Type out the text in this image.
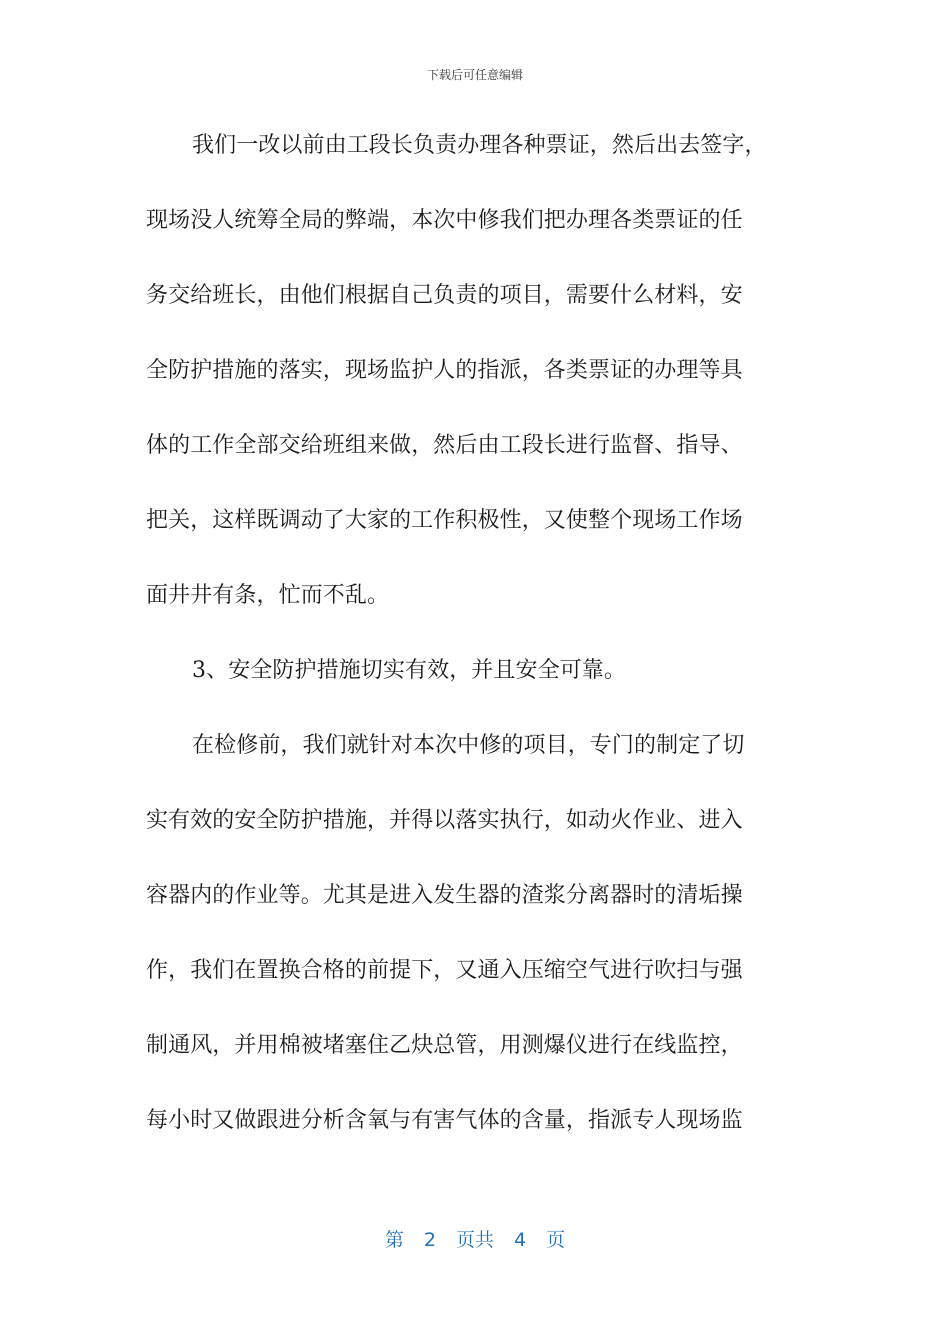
下载后可任意编辑
我们一改以前由工段长负责办理各种票证，然后出去签字，
现场没人统筹全局的弊端，本次中修我们把办理各类票证的任
务交给班长，由他们根据自己负责的项目，需要什么材料，安
全防护措施的落实，现场监护人的指派，各类票证的办理等具
体的工作全部交给班组来做，然后由工段长进行监督、指导、
把关，这样既调动了大家的工作积极性，又使整个现场工作场
面井井有条，忙而不乱。
3、安全防护措施切实有效，并且安全可靠。
在检修前，我们就针对本次中修的项目，专门的制定了切
实有效的安全防护措施，并得以落实执行，如动火作业、进入
容器内的作业等。尤其是进入发生器的渣浆分离器时的清垢操
作，我们在置换合格的前提下，又通入压缩空气进行吹扫与强
制通风，并用棉被堵塞住乙炔总管，用测爆仪进行在线监控，
每小时又做跟进分析含氧与有害气体的含量，指派专人现场监
第 2 页共 4 页
